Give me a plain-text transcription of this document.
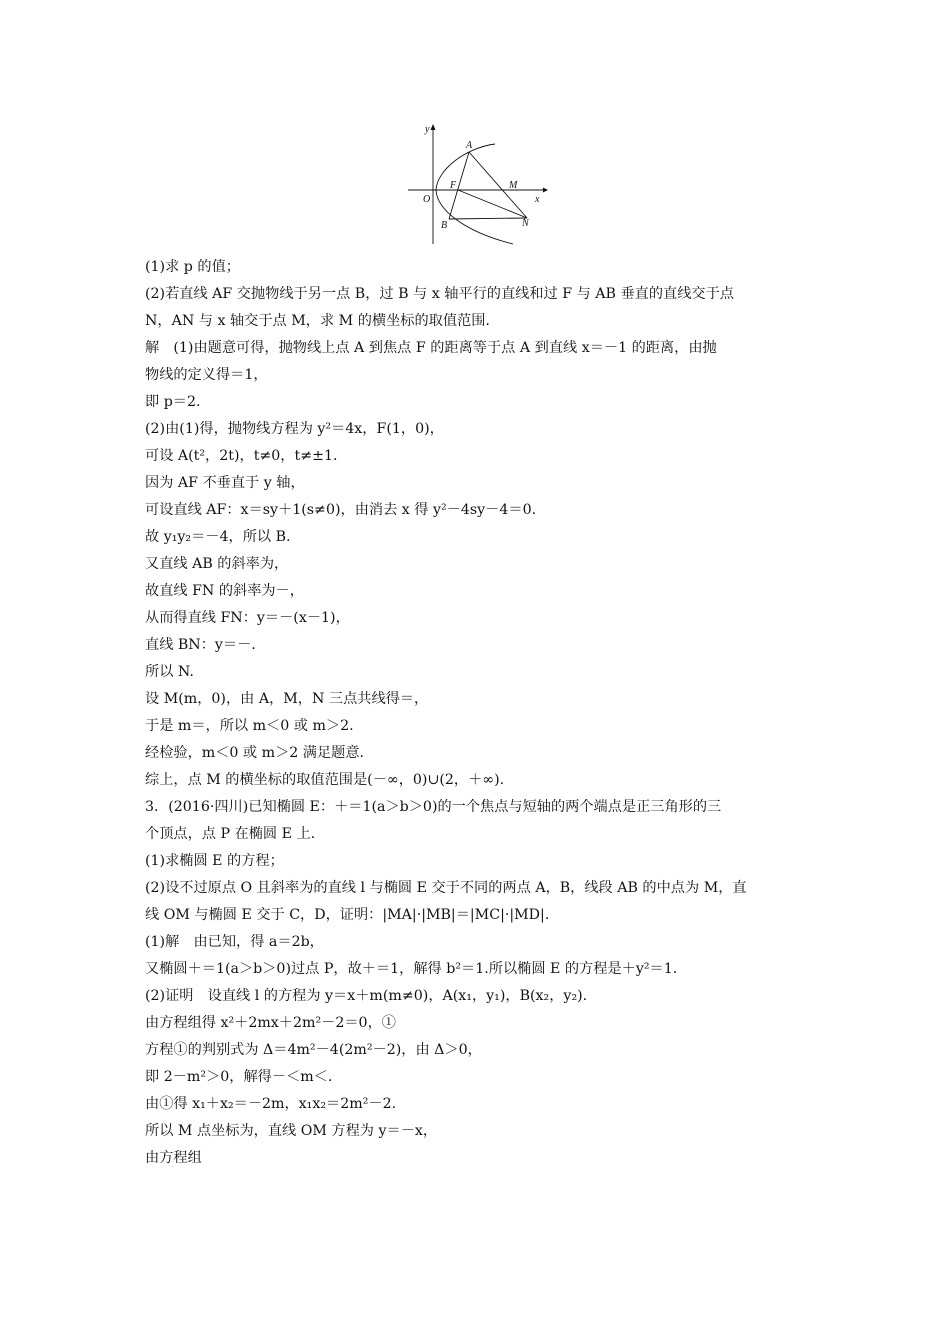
y
x
A
F	M
O
B	N
(1)求 p 的值；
(2)若直线 AF 交抛物线于另一点 B，过 B 与 x 轴平行的直线和过 F 与 AB 垂直的直线交于点
N，AN 与 x 轴交于点 M，求 M 的横坐标的取值范围.
解　(1)由题意可得，抛物线上点 A 到焦点 F 的距离等于点 A 到直线 x＝－1 的距离，由抛
物线的定义得＝1，
即 p＝2.
(2)由(1)得，抛物线方程为 y²＝4x，F(1，0)，
可设 A(t²，2t)，t≠0，t≠±1.
因为 AF 不垂直于 y 轴，
可设直线 AF：x＝sy＋1(s≠0)，由消去 x 得 y²－4sy－4＝0.
故 y₁y₂＝－4，所以 B.
又直线 AB 的斜率为，
故直线 FN 的斜率为－，
从而得直线 FN：y＝－(x－1)，
直线 BN：y＝－.
所以 N.
设 M(m，0)，由 A，M，N 三点共线得＝，
于是 m＝，所以 m＜0 或 m＞2.
经检验，m＜0 或 m＞2 满足题意.
综上，点 M 的横坐标的取值范围是(－∞，0)∪(2，＋∞).
3．(2016·四川)已知椭圆 E：＋＝1(a＞b＞0)的一个焦点与短轴的两个端点是正三角形的三
个顶点，点 P 在椭圆 E 上.
(1)求椭圆 E 的方程；
(2)设不过原点 O 且斜率为的直线 l 与椭圆 E 交于不同的两点 A，B，线段 AB 的中点为 M，直
线 OM 与椭圆 E 交于 C，D，证明：|MA|·|MB|＝|MC|·|MD|.
(1)解　由已知，得 a＝2b，
又椭圆＋＝1(a＞b＞0)过点 P，故＋＝1，解得 b²＝1.所以椭圆 E 的方程是＋y²＝1.
(2)证明　设直线 l 的方程为 y＝x＋m(m≠0)，A(x₁，y₁)，B(x₂，y₂).
由方程组得 x²＋2mx＋2m²－2＝0，①
方程①的判别式为 Δ＝4m²－4(2m²－2)，由 Δ＞0，
即 2－m²＞0，解得－＜m＜.
由①得 x₁＋x₂＝－2m，x₁x₂＝2m²－2.
所以 M 点坐标为，直线 OM 方程为 y＝－x，
由方程组
